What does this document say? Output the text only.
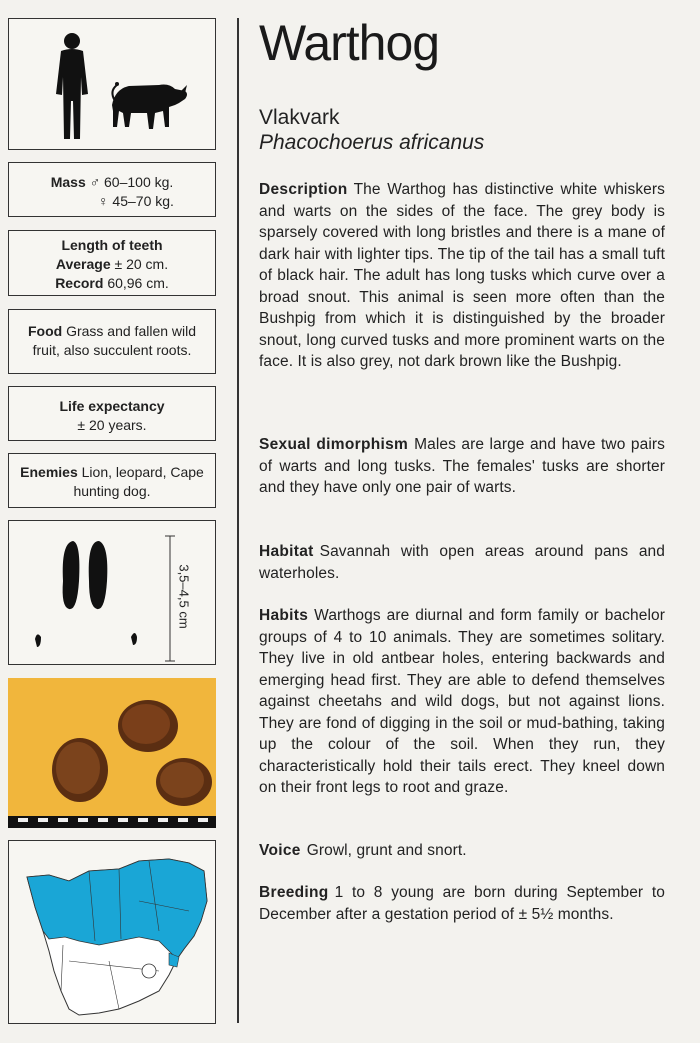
Mass ♂ 60–100 kg.
♀ 45–70 kg.
Length of teeth
Average ± 20 cm.
Record 60,96 cm.
Food Grass and fallen wild fruit, also succulent roots.
Life expectancy
± 20 years.
Enemies Lion, leopard, Cape hunting dog.
3,5–4,5 cm
Warthog
Vlakvark
Phacochoerus africanus

Description The Warthog has distinctive white whiskers and warts on the sides of the face. The grey body is sparsely covered with long bristles and there is a mane of dark hair with lighter tips. The tip of the tail has a small tuft of black hair. The adult has long tusks which curve over a broad snout. This animal is seen more often than the Bushpig from which it is distinguished by the broader snout, long curved tusks and more prominent warts on the face. It is also grey, not dark brown like the Bushpig.

Sexual dimorphism Males are large and have two pairs of warts and long tusks. The females' tusks are shorter and they have only one pair of warts.

Habitat Savannah with open areas around pans and waterholes.

Habits Warthogs are diurnal and form family or bachelor groups of 4 to 10 animals. They are sometimes solitary. They live in old antbear holes, entering backwards and emerging head first. They are able to defend themselves against cheetahs and wild dogs, but not against lions. They are fond of digging in the soil or mud-bathing, taking up the colour of the soil. When they run, they characteristically hold their tails erect. They kneel down on their front legs to root and graze.

Voice Growl, grunt and snort.

Breeding 1 to 8 young are born during September to December after a gestation period of ± 5½ months.
